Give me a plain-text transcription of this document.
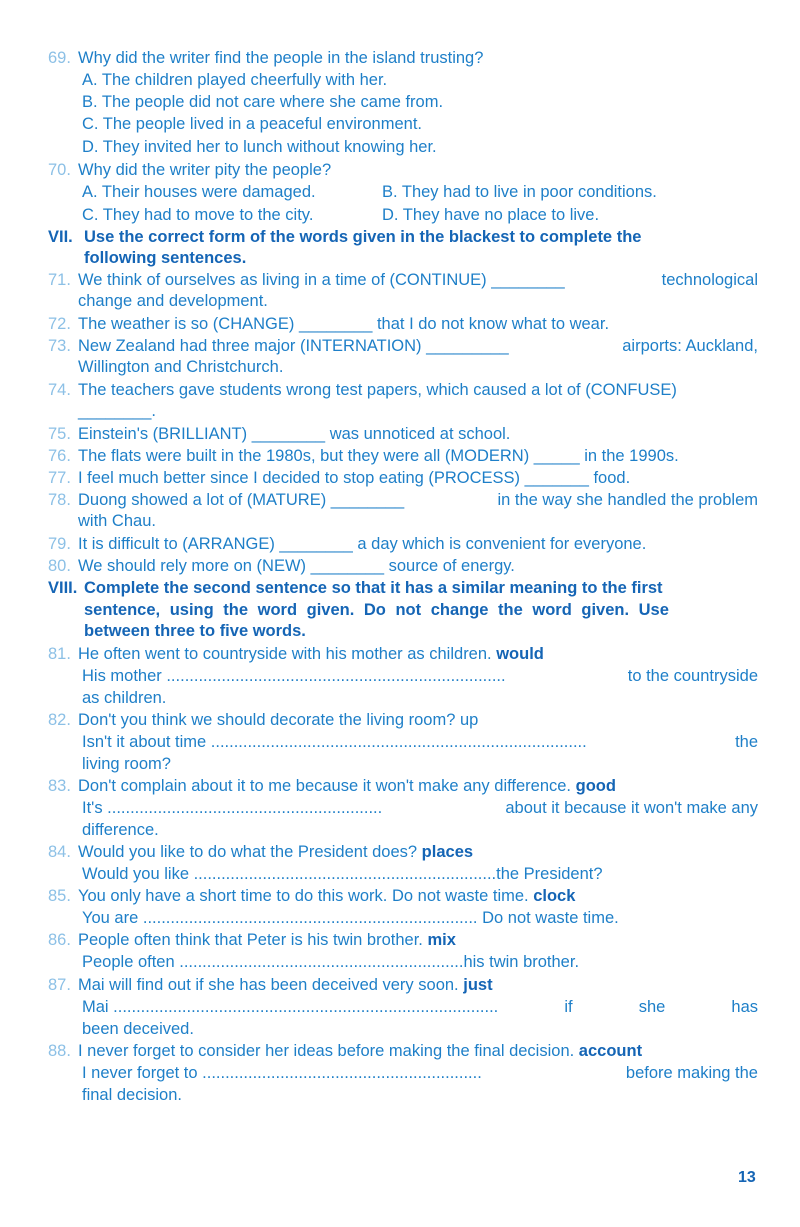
69. Why did the writer find the people in the island trusting?
A. The children played cheerfully with her.
B. The people did not care where she came from.
C. The people lived in a peaceful environment.
D. They invited her to lunch without knowing her.
70. Why did the writer pity the people?
A. Their houses were damaged.	B. They had to live in poor conditions.
C. They had to move to the city.	D. They have no place to live.
VII. Use the correct form of the words given in the blackest to complete the
following sentences.
71. We think of ourselves as living in a time of (CONTINUE) ________	technological
change and development.
72. The weather is so (CHANGE) ________ that I do not know what to wear.
73. New Zealand had three major (INTERNATION) _________	airports: Auckland,
Willington and Christchurch.
74. The teachers gave students wrong test papers, which caused a lot of (CONFUSE)
________.
75. Einstein's (BRILLIANT) ________ was unnoticed at school.
76. The flats were built in the 1980s, but they were all (MODERN) _____ in the 1990s.
77. I feel much better since I decided to stop eating (PROCESS) _______ food.
78. Duong showed a lot of (MATURE) ________	in the way she handled the problem
with Chau.
79. It is difficult to (ARRANGE) ________ a day which is convenient for everyone.
80. We should rely more on (NEW) ________ source of energy.
VIII. Complete the second sentence so that it has a similar meaning to the first
sentence, using the word given. Do not change the word given. Use
between three to five words.
81. He often went to countryside with his mother as children. would
His mother ..........................................................................	to the countryside
as children.
82. Don't you think we should decorate the living room? up
Isn't it about time ..................................................................................	the
living room?
83. Don't complain about it to me because it won't make any difference. good
It's ............................................................	about it because it won't make any
difference.
84. Would you like to do what the President does? places
Would you like ..................................................................the President?
85. You only have a short time to do this work. Do not waste time. clock
You are ......................................................................... Do not waste time.
86. People often think that Peter is his twin brother. mix
People often ..............................................................his twin brother.
87. Mai will find out if she has been deceived very soon. just
Mai ....................................................................................	if	she	has
been deceived.
88. I never forget to consider her ideas before making the final decision. account
I never forget to .............................................................	before making the
final decision.
13
